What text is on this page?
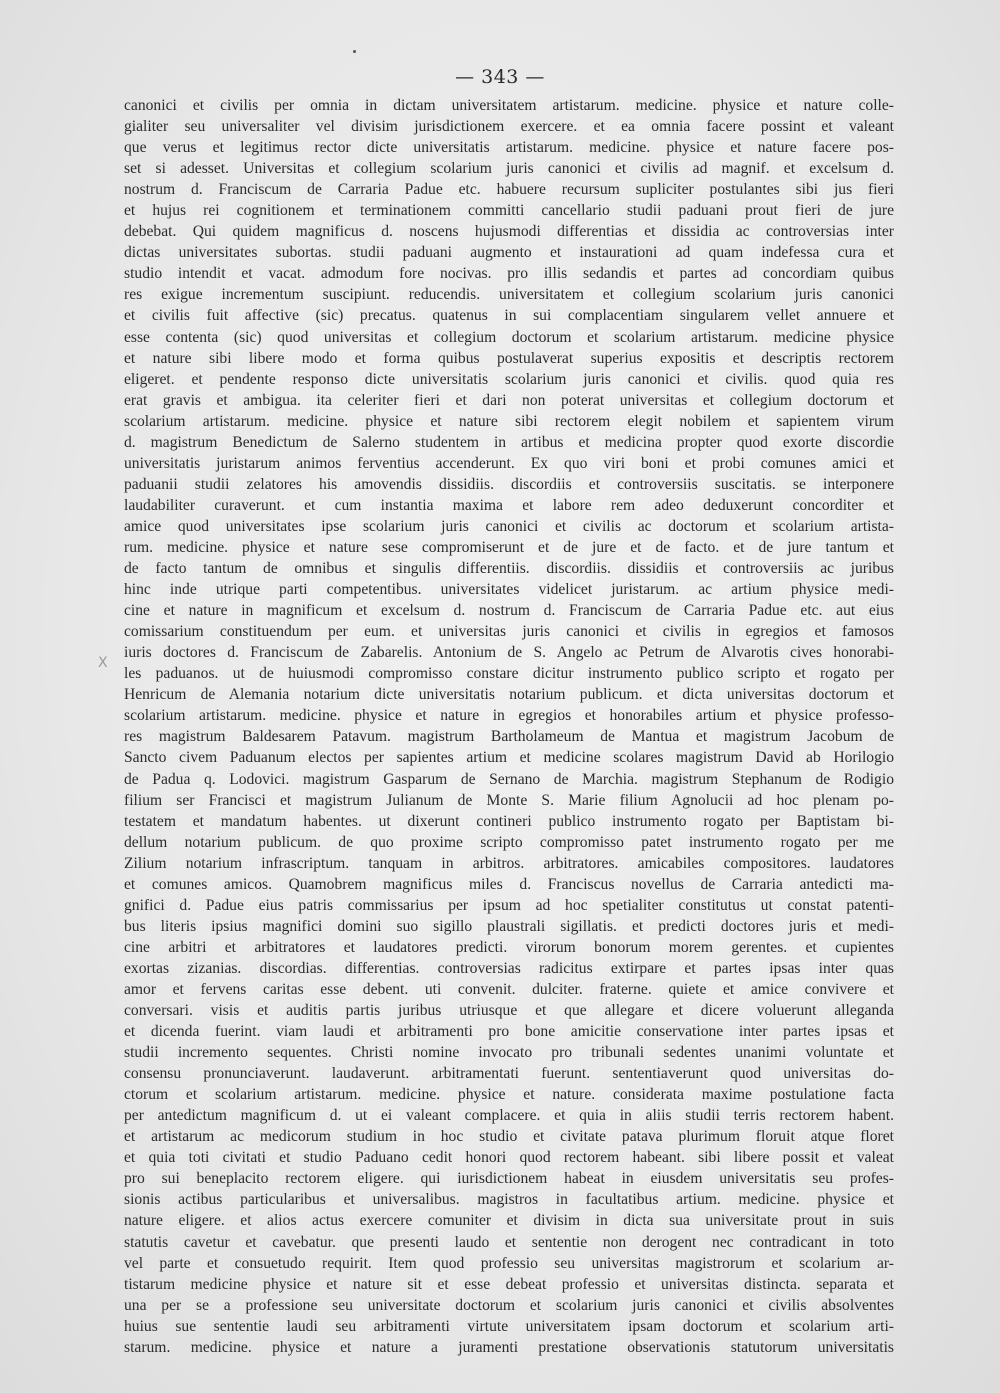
— 343 —
X
canonici et civilis per omnia in dictam universitatem artistarum. medicine. physice et nature colle-
gialiter seu universaliter vel divisim jurisdictionem exercere. et ea omnia facere possint et valeant
que verus et legitimus rector dicte universitatis artistarum. medicine. physice et nature facere pos-
set si adesset. Universitas et collegium scolarium juris canonici et civilis ad magnif. et excelsum d.
nostrum d. Franciscum de Carraria Padue etc. habuere recursum supliciter postulantes sibi jus fieri
et hujus rei cognitionem et terminationem committi cancellario studii paduani prout fieri de jure
debebat. Qui quidem magnificus d. noscens hujusmodi differentias et dissidia ac controversias inter
dictas universitates subortas. studii paduani augmento et instaurationi ad quam indefessa cura et
studio intendit et vacat. admodum fore nocivas. pro illis sedandis et partes ad concordiam quibus
res exigue incrementum suscipiunt. reducendis. universitatem et collegium scolarium juris canonici
et civilis fuit affective (sic) precatus. quatenus in sui complacentiam singularem vellet annuere et
esse contenta (sic) quod universitas et collegium doctorum et scolarium artistarum. medicine physice
et nature sibi libere modo et forma quibus postulaverat superius expositis et descriptis rectorem
eligeret. et pendente responso dicte universitatis scolarium juris canonici et civilis. quod quia res
erat gravis et ambigua. ita celeriter fieri et dari non poterat universitas et collegium doctorum et
scolarium artistarum. medicine. physice et nature sibi rectorem elegit nobilem et sapientem virum
d. magistrum Benedictum de Salerno studentem in artibus et medicina propter quod exorte discordie
universitatis juristarum animos ferventius accenderunt. Ex quo viri boni et probi comunes amici et
paduanii studii zelatores his amovendis dissidiis. discordiis et controversiis suscitatis. se interponere
laudabiliter curaverunt. et cum instantia maxima et labore rem adeo deduxerunt concorditer et
amice quod universitates ipse scolarium juris canonici et civilis ac doctorum et scolarium artista-
rum. medicine. physice et nature sese compromiserunt et de jure et de facto. et de jure tantum et
de facto tantum de omnibus et singulis differentiis. discordiis. dissidiis et controversiis ac juribus
hinc inde utrique parti competentibus. universitates videlicet juristarum. ac artium physice medi-
cine et nature in magnificum et excelsum d. nostrum d. Franciscum de Carraria Padue etc. aut eius
comissarium constituendum per eum. et universitas juris canonici et civilis in egregios et famosos
iuris doctores d. Franciscum de Zabarelis. Antonium de S. Angelo ac Petrum de Alvarotis cives honorabi-
les paduanos. ut de huiusmodi compromisso constare dicitur instrumento publico scripto et rogato per
Henricum de Alemania notarium dicte universitatis notarium publicum. et dicta universitas doctorum et
scolarium artistarum. medicine. physice et nature in egregios et honorabiles artium et physice professo-
res magistrum Baldesarem Patavum. magistrum Bartholameum de Mantua et magistrum Jacobum de
Sancto civem Paduanum electos per sapientes artium et medicine scolares magistrum David ab Horilogio
de Padua q. Lodovici. magistrum Gasparum de Sernano de Marchia. magistrum Stephanum de Rodigio
filium ser Francisci et magistrum Julianum de Monte S. Marie filium Agnolucii ad hoc plenam po-
testatem et mandatum habentes. ut dixerunt contineri publico instrumento rogato per Baptistam bi-
dellum notarium publicum. de quo proxime scripto compromisso patet instrumento rogato per me
Zilium notarium infrascriptum. tanquam in arbitros. arbitratores. amicabiles compositores. laudatores
et comunes amicos. Quamobrem magnificus miles d. Franciscus novellus de Carraria antedicti ma-
gnifici d. Padue eius patris commissarius per ipsum ad hoc spetialiter constitutus ut constat patenti-
bus literis ipsius magnifici domini suo sigillo plaustrali sigillatis. et predicti doctores juris et medi-
cine arbitri et arbitratores et laudatores predicti. virorum bonorum morem gerentes. et cupientes
exortas zizanias. discordias. differentias. controversias radicitus extirpare et partes ipsas inter quas
amor et fervens caritas esse debent. uti convenit. dulciter. fraterne. quiete et amice convivere et
conversari. visis et auditis partis juribus utriusque et que allegare et dicere voluerunt alleganda
et dicenda fuerint. viam laudi et arbitramenti pro bone amicitie conservatione inter partes ipsas et
studii incremento sequentes. Christi nomine invocato pro tribunali sedentes unanimi voluntate et
consensu pronunciaverunt. laudaverunt. arbitramentati fuerunt. sententiaverunt quod universitas do-
ctorum et scolarium artistarum. medicine. physice et nature. considerata maxime postulatione facta
per antedictum magnificum d. ut ei valeant complacere. et quia in aliis studii terris rectorem habent.
et artistarum ac medicorum studium in hoc studio et civitate patava plurimum floruit atque floret
et quia toti civitati et studio Paduano cedit honori quod rectorem habeant. sibi libere possit et valeat
pro sui beneplacito rectorem eligere. qui iurisdictionem habeat in eiusdem universitatis seu profes-
sionis actibus particularibus et universalibus. magistros in facultatibus artium. medicine. physice et
nature eligere. et alios actus exercere comuniter et divisim in dicta sua universitate prout in suis
statutis cavetur et cavebatur. que presenti laudo et sententie non derogent nec contradicant in toto
vel parte et consuetudo requirit. Item quod professio seu universitas magistrorum et scolarium ar-
tistarum medicine physice et nature sit et esse debeat professio et universitas distincta. separata et
una per se a professione seu universitate doctorum et scolarium juris canonici et civilis absolventes
huius sue sententie laudi seu arbitramenti virtute universitatem ipsam doctorum et scolarium arti-
starum. medicine. physice et nature a juramenti prestatione observationis statutorum universitatis
